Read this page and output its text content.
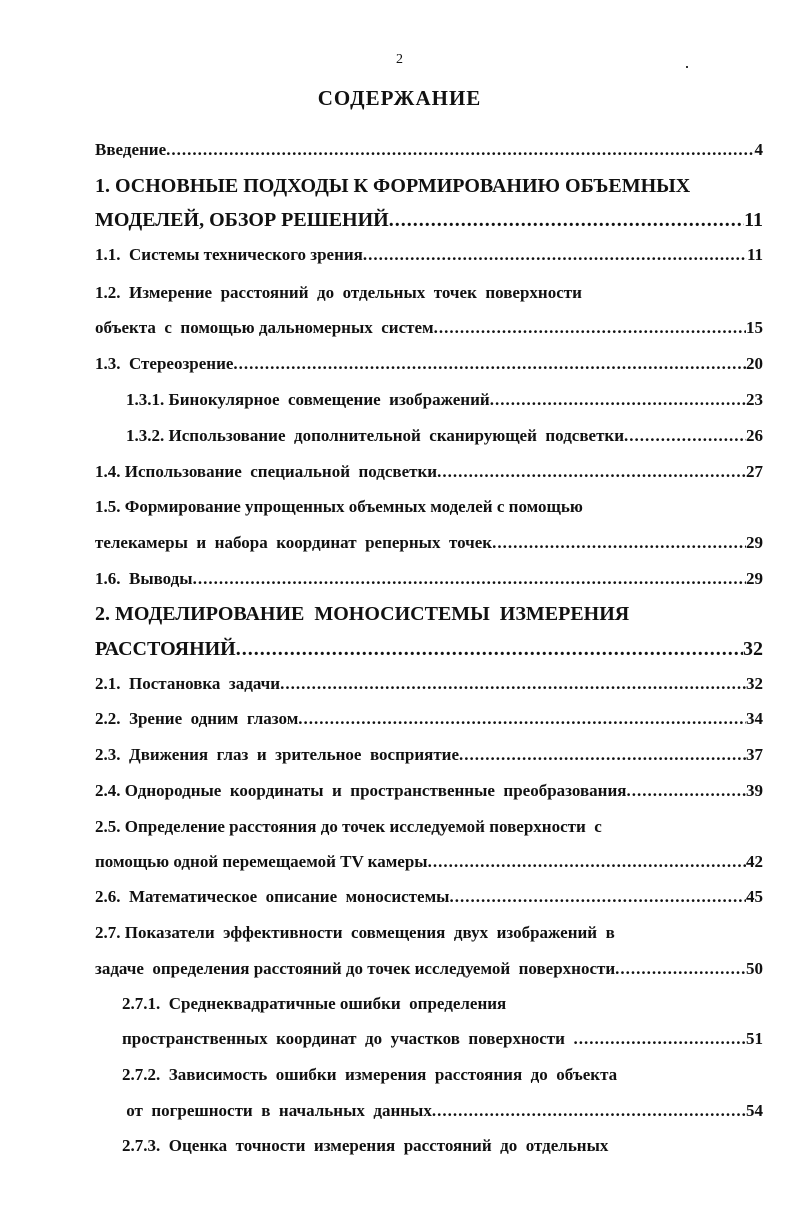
2
СОДЕРЖАНИЕ
Введение .....	4
1. ОСНОВНЫЕ ПОДХОДЫ К ФОРМИРОВАНИЮ ОБЪЕМНЫХ
МОДЕЛЕЙ, ОБЗОР РЕШЕНИЙ .....	11
1.1.  Системы технического зрения .....	11
1.2.  Измерение  расстояний  до  отдельных  точек  поверхности
объекта  с  помощью дальномерных  систем .....	15
1.3.  Стереозрение .....	20
1.3.1. Бинокулярное  совмещение  изображений .....	23
1.3.2. Использование  дополнительной  сканирующей  подсветки .....	26
1.4. Использование  специальной  подсветки .....	27
1.5. Формирование упрощенных объемных моделей с помощью
телекамеры  и  набора  координат  реперных  точек .....	29
1.6.  Выводы .....	29
2. МОДЕЛИРОВАНИЕ  МОНОСИСТЕМЫ  ИЗМЕРЕНИЯ
РАССТОЯНИЙ .....	32
2.1.  Постановка  задачи .....	32
2.2.  Зрение  одним  глазом .....	34
2.3.  Движения  глаз  и  зрительное  восприятие .....	37
2.4. Однородные  координаты  и  пространственные  преобразования .....	39
2.5. Определение расстояния до точек исследуемой поверхности  с
помощью одной перемещаемой TV камеры .....	42
2.6.  Математическое  описание  моносистемы .....	45
2.7. Показатели  эффективности  совмещения  двух  изображений  в
задаче  определения расстояний до точек исследуемой  поверхности .....	50
2.7.1.  Среднеквадратичные ошибки  определения
пространственных  координат  до  участков  поверхности .....	51
2.7.2.  Зависимость  ошибки  измерения  расстояния  до  объекта
от  погрешности  в  начальных  данных .....	54
2.7.3.  Оценка  точности  измерения  расстояний  до  отдельных
